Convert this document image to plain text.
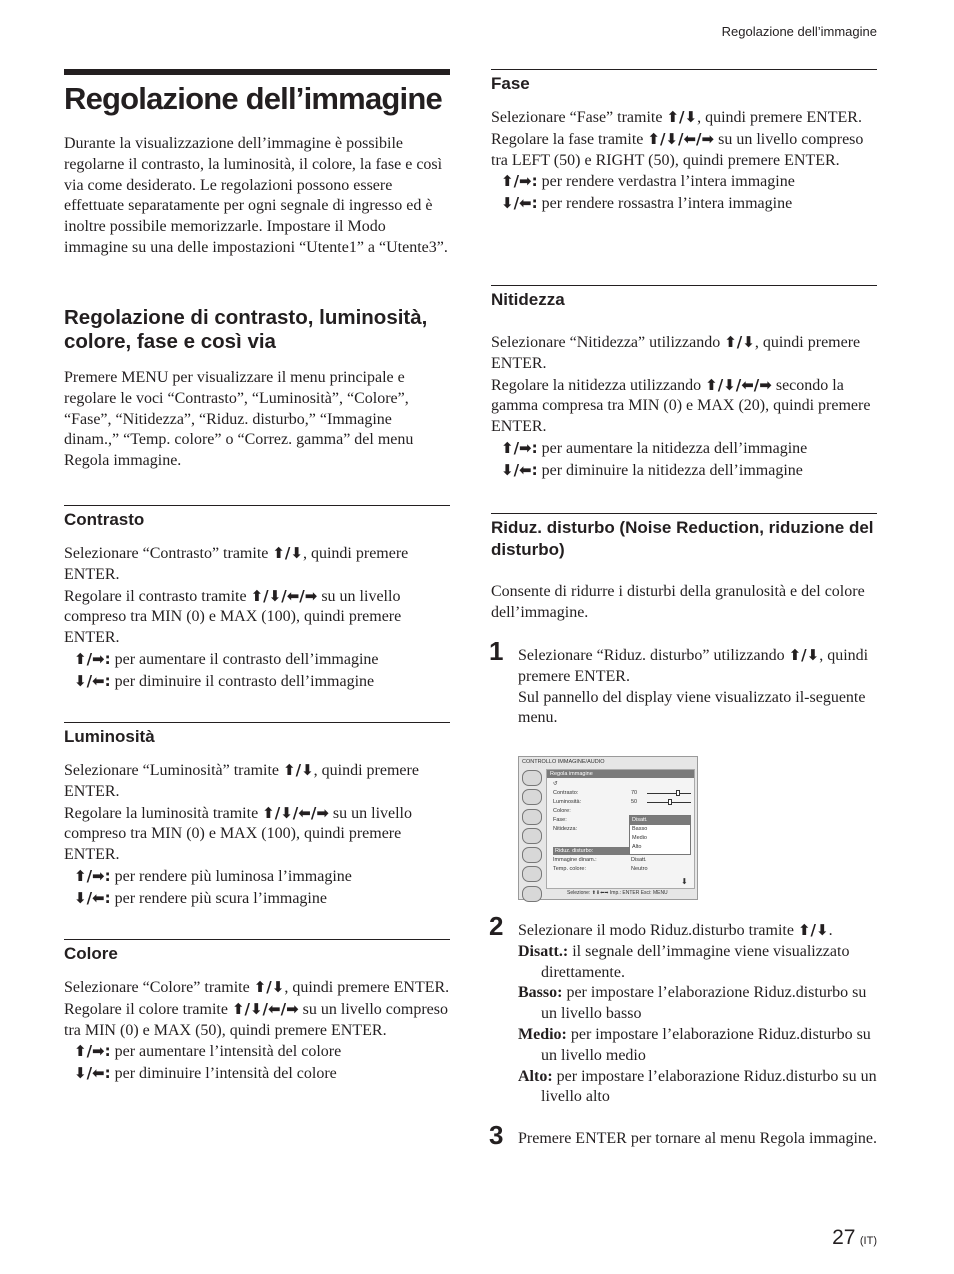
Regolazione dell’immagine
Regolazione dell’immagine

Durante la visualizzazione dell’immagine è possibile regolarne il contrasto, la luminosità, il colore, la fase e così via come desiderato. Le regolazioni possono essere effettuate separatamente per ogni segnale di ingresso ed è inoltre possibile memorizzarle. Impostare il Modo immagine su una delle impostazioni “Utente1” a “Utente3”.

Regolazione di contrasto, luminosità, colore, fase e così via

Premere MENU per visualizzare il menu principale e regolare le voci “Contrasto”, “Luminosità”, “Colore”, “Fase”, “Nitidezza”, “Riduz. disturbo,” “Immagine dinam.,” “Temp. colore” o “Correz. gamma” del menu Regola immagine.

Contrasto

Selezionare “Contrasto” tramite ⬆/⬇, quindi premere ENTER.
Regolare il contrasto tramite ⬆/⬇/⬅/➡ su un livello compreso tra MIN (0) e MAX (100), quindi premere ENTER.

⬆/➡: per aumentare il contrasto dell’immagine

⬇/⬅: per diminuire il contrasto dell’immagine

Luminosità

Selezionare “Luminosità” tramite ⬆/⬇, quindi premere ENTER.
Regolare la luminosità tramite ⬆/⬇/⬅/➡ su un livello compreso tra MIN (0) e MAX (100), quindi premere ENTER.

⬆/➡: per rendere più luminosa l’immagine

⬇/⬅: per rendere più scura l’immagine

Colore

Selezionare “Colore” tramite ⬆/⬇, quindi premere ENTER.
Regolare il colore tramite ⬆/⬇/⬅/➡ su un livello compreso tra MIN (0) e MAX (50), quindi premere ENTER.

⬆/➡: per aumentare l’intensità del colore

⬇/⬅: per diminuire l’intensità del colore

Fase

Selezionare “Fase” tramite ⬆/⬇, quindi premere ENTER.
Regolare la fase tramite ⬆/⬇/⬅/➡ su un livello compreso tra LEFT (50) e RIGHT (50), quindi premere ENTER.

⬆/➡: per rendere verdastra l’intera immagine

⬇/⬅: per rendere rossastra l’intera immagine

Nitidezza

Selezionare “Nitidezza” utilizzando ⬆/⬇, quindi premere ENTER.
Regolare la nitidezza utilizzando ⬆/⬇/⬅/➡ secondo la gamma compresa tra MIN (0) e MAX (20), quindi premere ENTER.

⬆/➡: per aumentare la nitidezza dell’immagine

⬇/⬅: per diminuire la nitidezza dell’immagine

Riduz. disturbo (Noise Reduction, riduzione del disturbo)

Consente di ridurre i disturbi della granulosità e del colore dell’immagine.

1 Selezionare “Riduz. disturbo” utilizzando ⬆/⬇, quindi premere ENTER.

Sul pannello del display viene visualizzato il-seguente menu.

CONTROLLO IMMAGINE/AUDIO
Regola immagine
↺
Contrasto:	70
Luminosità:	50
Colore:
Fase:
Nitidezza:
Riduz. disturbo:
Immagine dinam.:	Disatt.
Temp. colore:	Neutro
Disatt.
Basso
Medio
Alto
⬇
Selezione: ⬆⬇⬅➡ Imp.: ENTER Esci: MENU
2 Selezionare il modo Riduz.disturbo tramite ⬆/⬇.

Disatt.: il segnale dell’immagine viene visualizzato direttamente.

Basso: per impostare l’elaborazione Riduz.disturbo su un livello basso

Medio: per impostare l’elaborazione Riduz.disturbo su un livello medio

Alto: per impostare l’elaborazione Riduz.disturbo su un livello alto

3 Premere ENTER per tornare al menu Regola immagine.

27 (IT)
